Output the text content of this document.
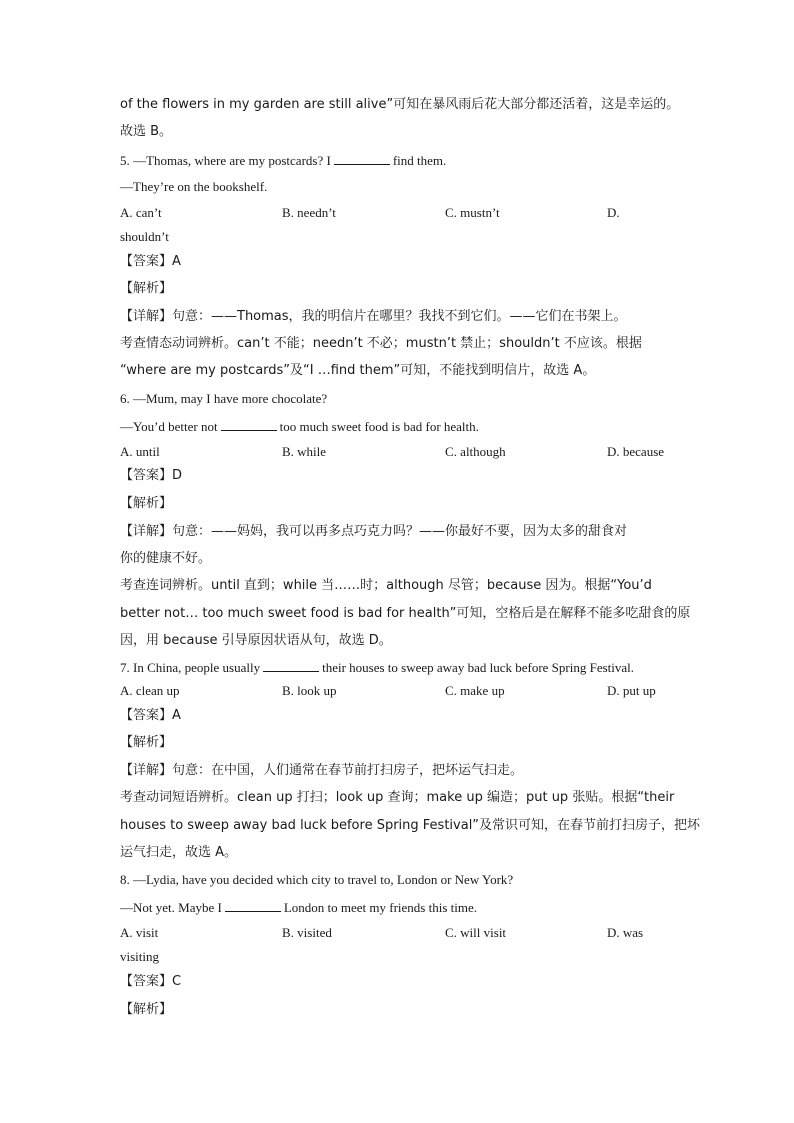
of the flowers in my garden are still alive”可知在暴风雨后花大部分都还活着，这是幸运的。
故选 B。
5. —Thomas, where are my postcards? I	find them.
—They’re on the bookshelf.
A. can’t	B. needn’t	C. mustn’t	D.
shouldn’t
【答案】A
【解析】
【详解】句意：——Thomas，我的明信片在哪里？我找不到它们。——它们在书架上。
考查情态动词辨析。can’t 不能；needn’t 不必；mustn’t 禁止；shouldn’t 不应该。根据
“where are my postcards”及“I …find them”可知，不能找到明信片，故选 A。
6. —Mum, may I have more chocolate?
—You’d better not	too much sweet food is bad for health.
A. until	B. while	C. although	D. because
【答案】D
【解析】
【详解】句意：——妈妈，我可以再多点巧克力吗？——你最好不要，因为太多的甜食对
你的健康不好。
考查连词辨析。until 直到；while 当……时；although 尽管；because 因为。根据“You’d
better not… too much sweet food is bad for health”可知，空格后是在解释不能多吃甜食的原
因，用 because 引导原因状语从句，故选 D。
7. In China, people usually	their houses to sweep away bad luck before Spring Festival.
A. clean up	B. look up	C. make up	D. put up
【答案】A
【解析】
【详解】句意：在中国，人们通常在春节前打扫房子，把坏运气扫走。
考查动词短语辨析。clean up 打扫；look up 查询；make up 编造；put up 张贴。根据“their
houses to sweep away bad luck before Spring Festival”及常识可知，在春节前打扫房子，把坏
运气扫走，故选 A。
8. —Lydia, have you decided which city to travel to, London or New York?
—Not yet. Maybe I	London to meet my friends this time.
A. visit	B. visited	C. will visit	D. was
visiting
【答案】C
【解析】
